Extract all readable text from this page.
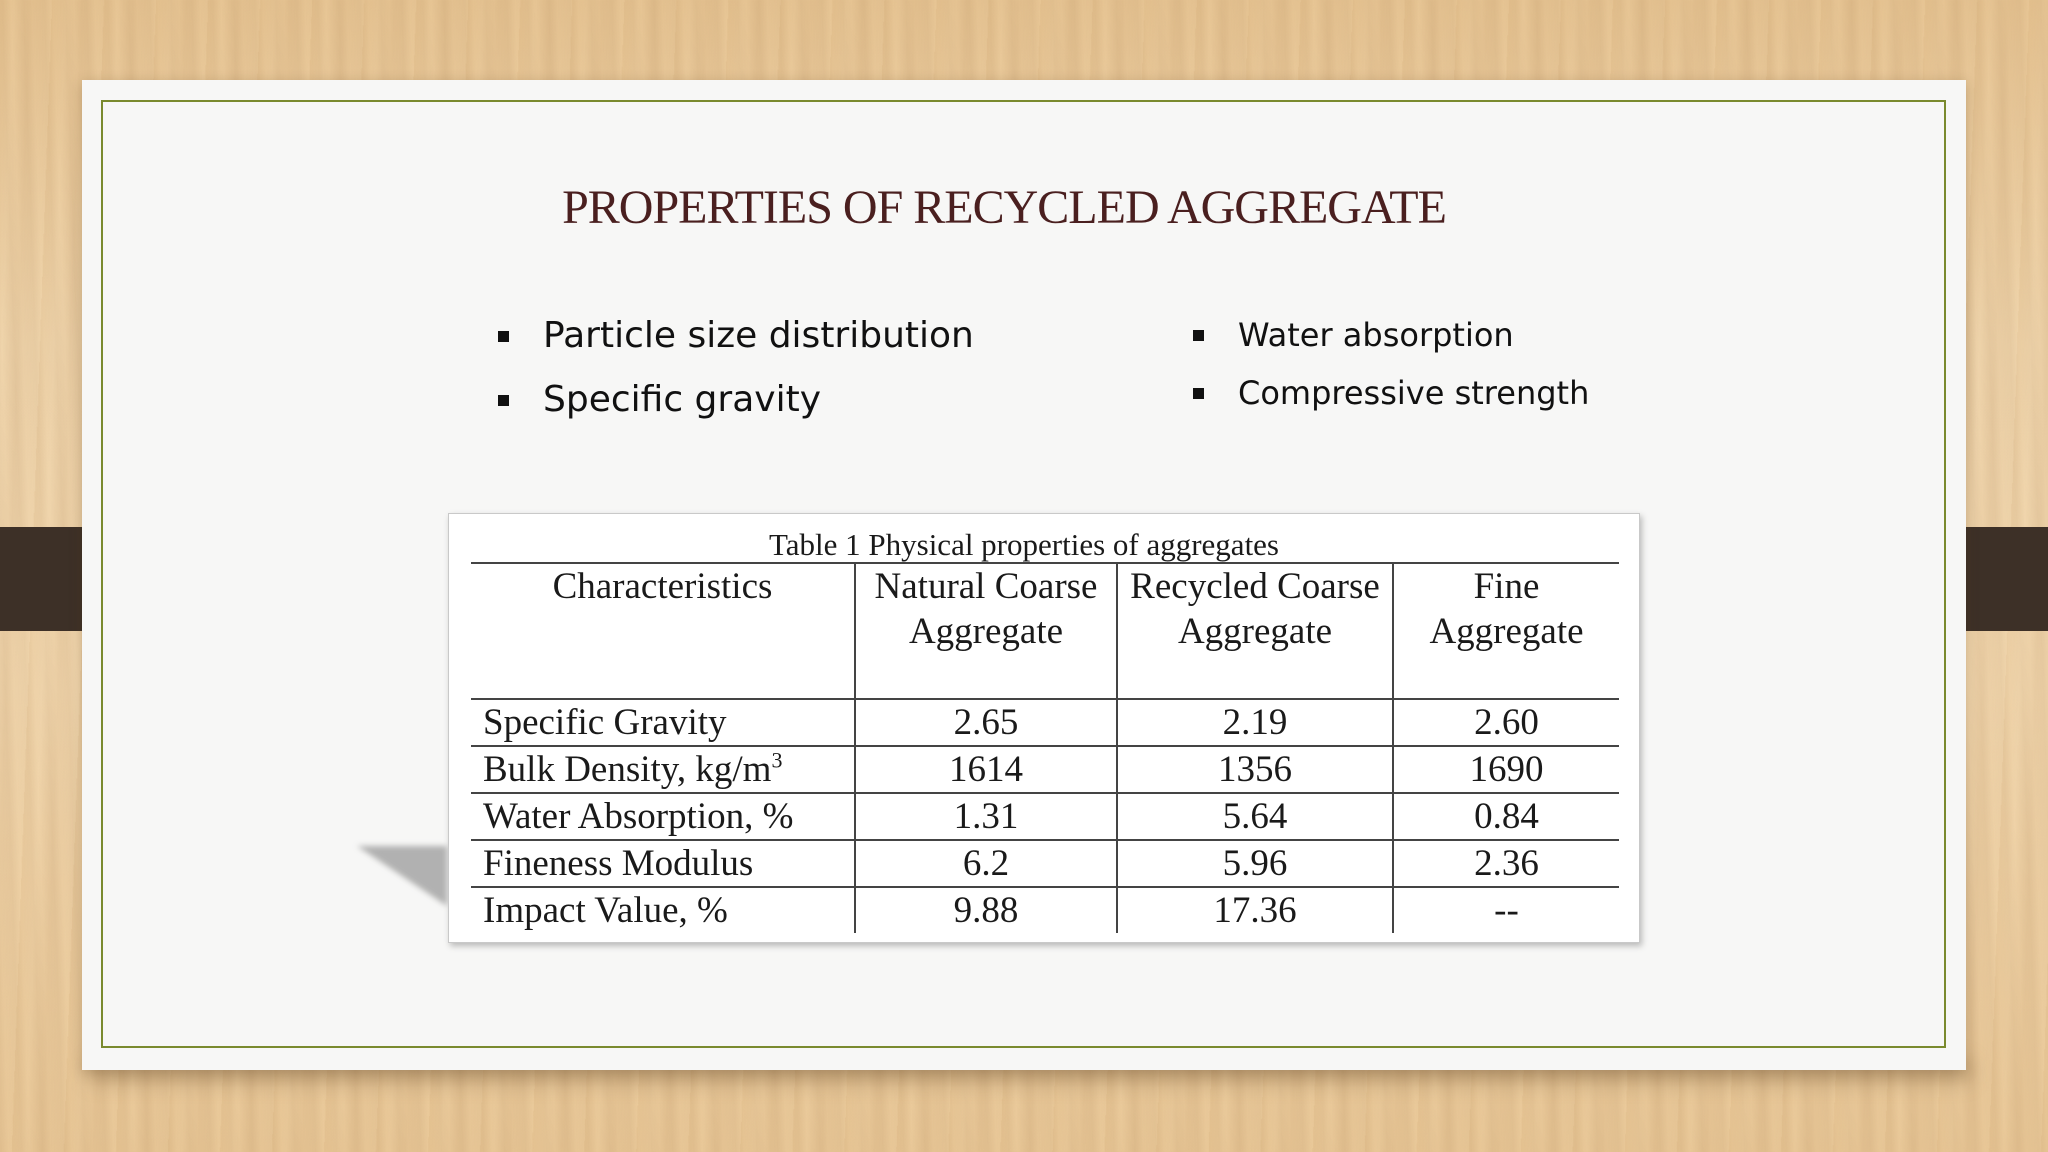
PROPERTIES OF RECYCLED AGGREGATE
Particle size distribution
Specific gravity
Water absorption
Compressive strength
Table 1 Physical properties of aggregates
Characteristics	Natural Coarse Aggregate	Recycled Coarse Aggregate	Fine Aggregate
Specific Gravity	2.65	2.19	2.60
Bulk Density, $kg/m^3$	1614	1356	1690
Water Absorption, %	1.31	5.64	0.84
Fineness Modulus	6.2	5.96	2.36
Impact Value, %	9.88	17.36	--
